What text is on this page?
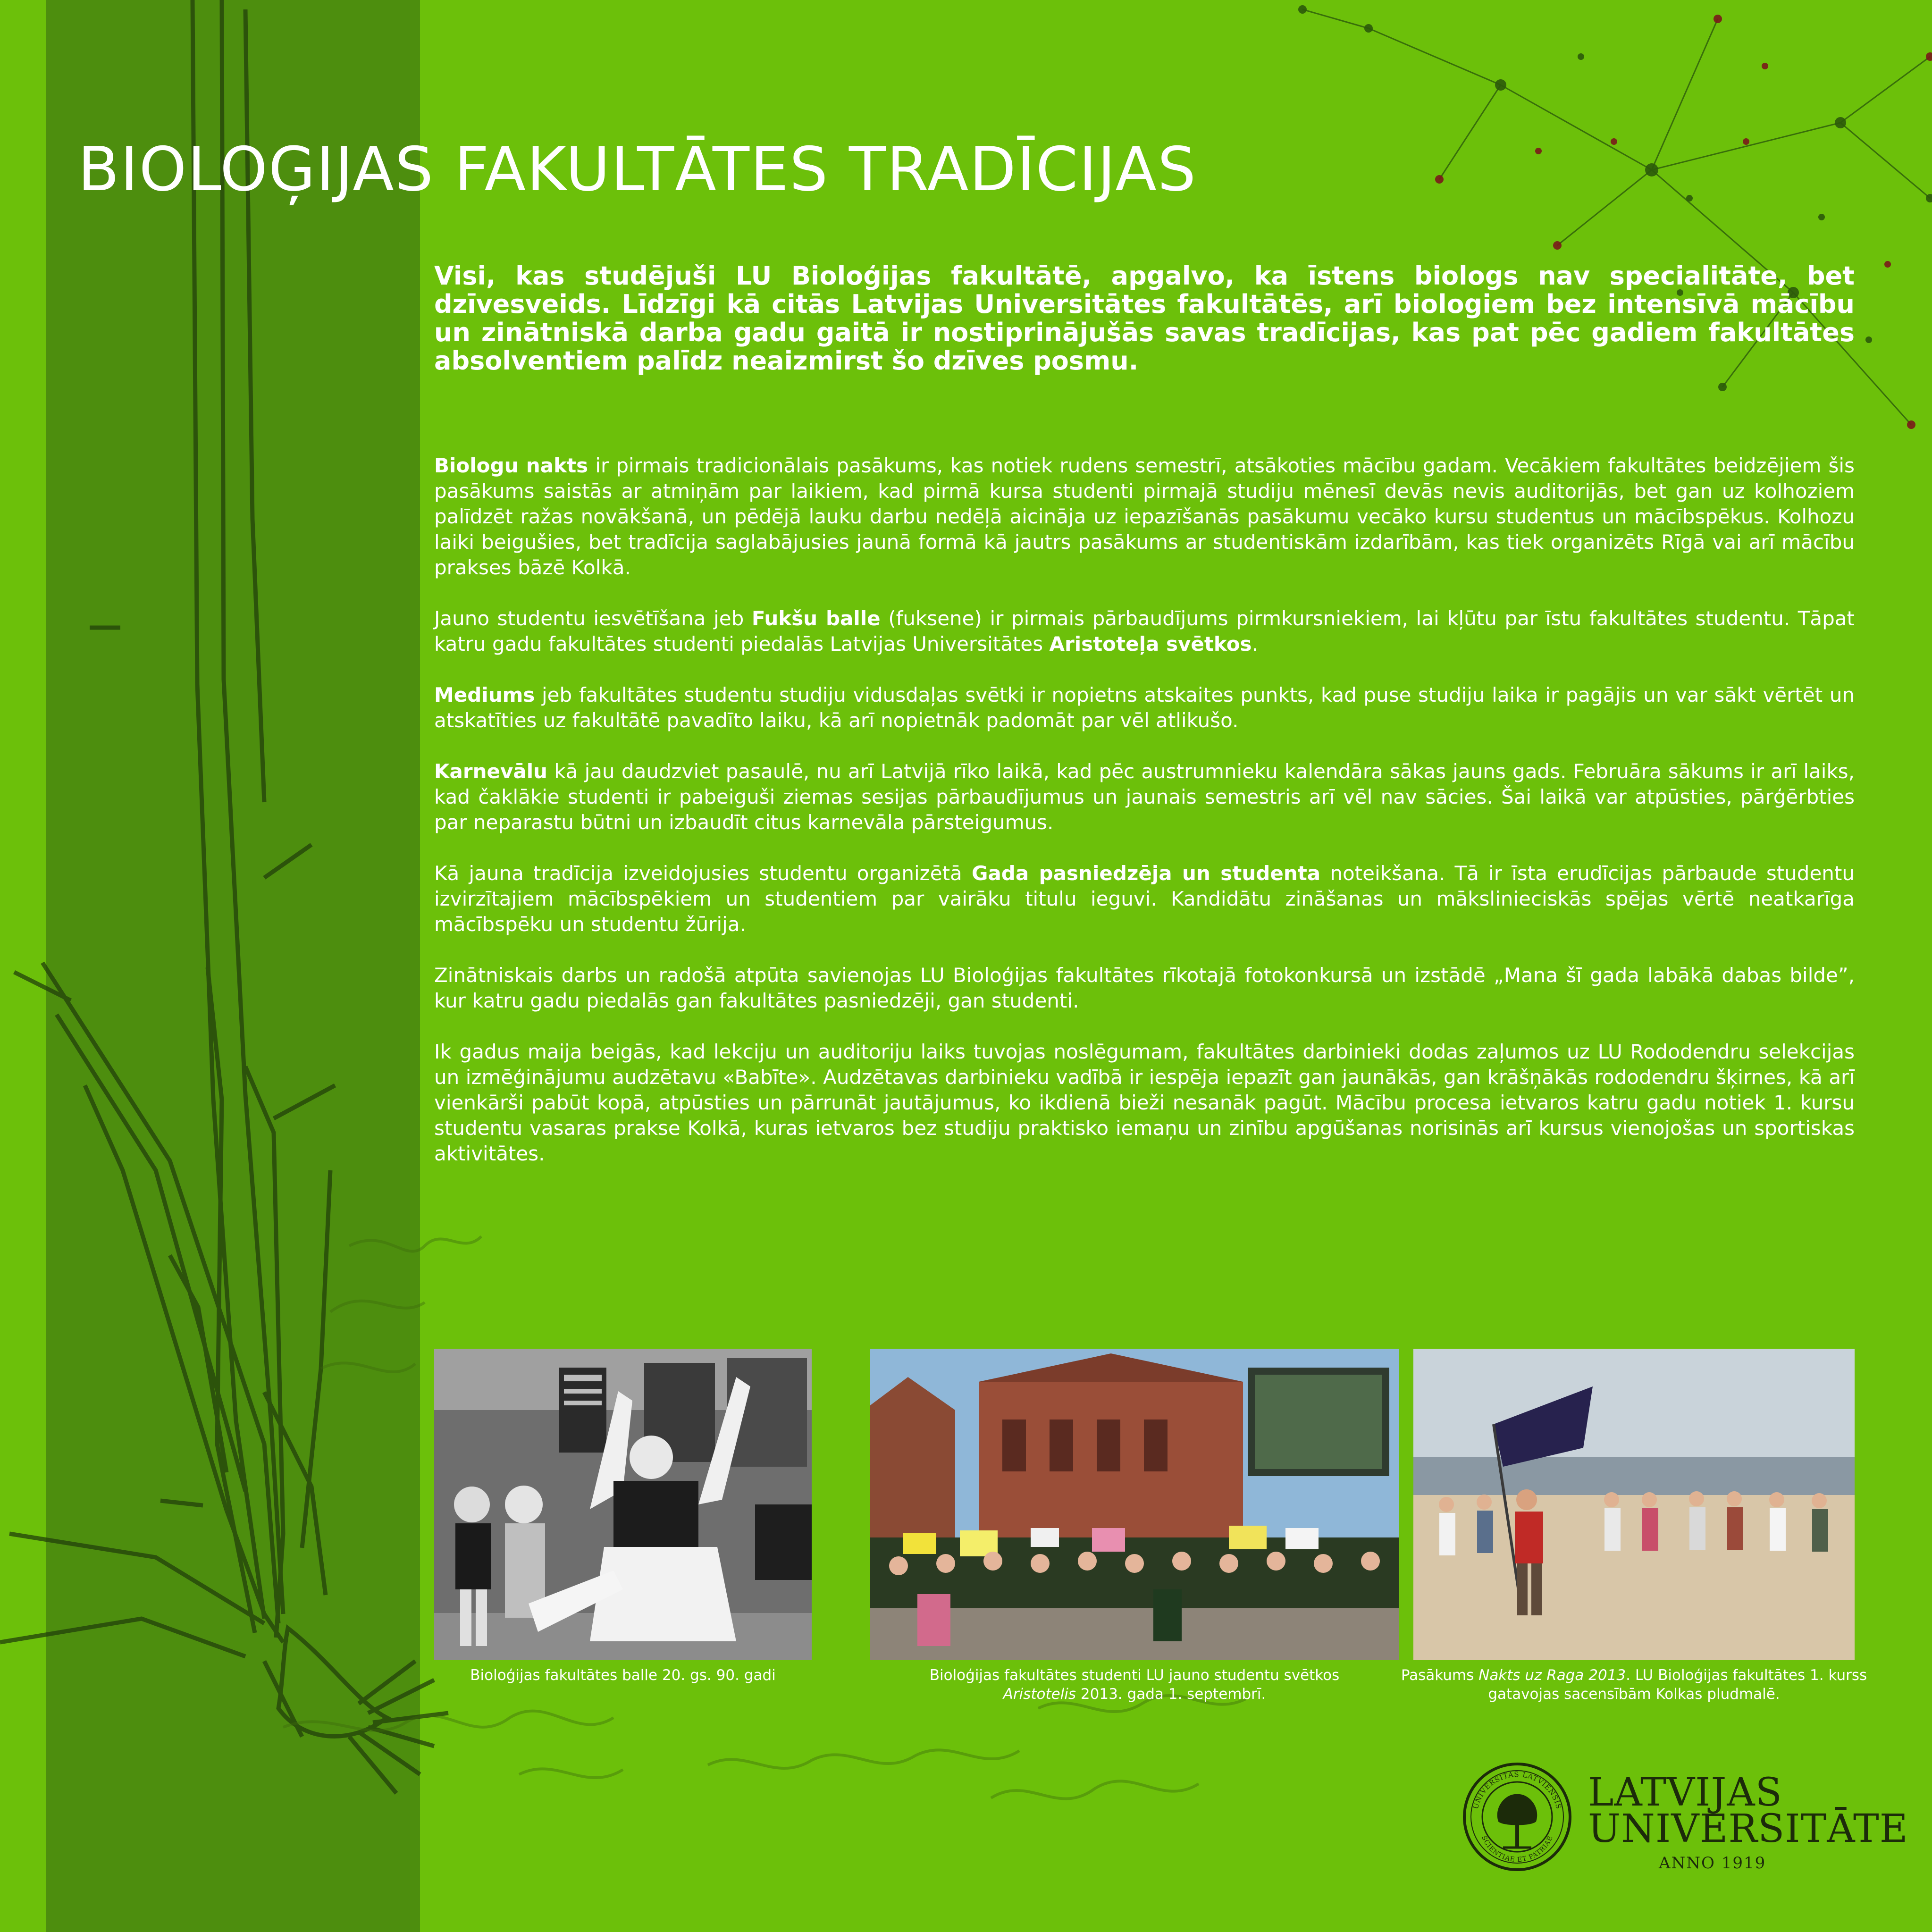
BIOLOĢIJAS FAKULTĀTES TRADĪCIJAS

Visi, kas studējuši LU Bioloģijas fakultātē, apgalvo, ka īstens biologs nav specialitāte, bet dzīvesveids. Līdzīgi kā citās Latvijas Universitātes fakultātēs, arī biologiem bez intensīvā mācību un zinātniskā darba gadu gaitā ir nostiprinājušās savas tradīcijas, kas pat pēc gadiem fakultātes absolventiem palīdz neaizmirst šo dzīves posmu.

Biologu nakts ir pirmais tradicionālais pasākums, kas notiek rudens semestrī, atsākoties mācību gadam. Vecākiem fakultātes beidzējiem šis pasākums saistās ar atmiņām par laikiem, kad pirmā kursa studenti pirmajā studiju mēnesī devās nevis auditorijās, bet gan uz kolhoziem palīdzēt ražas novākšanā, un pēdējā lauku darbu nedēļā aicināja uz iepazīšanās pasākumu vecāko kursu studentus un mācībspēkus. Kolhozu laiki beigušies, bet tradīcija saglabājusies jaunā formā kā jautrs pasākums ar studentiskām izdarībām, kas tiek organizēts Rīgā vai arī mācību prakses bāzē Kolkā.

Jauno studentu iesvētīšana jeb Fukšu balle (fuksene) ir pirmais pārbaudījums pirmkursniekiem, lai kļūtu par īstu fakultātes studentu. Tāpat katru gadu fakultātes studenti piedalās Latvijas Universitātes Aristoteļa svētkos.

Mediums jeb fakultātes studentu studiju vidusdaļas svētki ir nopietns atskaites punkts, kad puse studiju laika ir pagājis un var sākt vērtēt un atskatīties uz fakultātē pavadīto laiku, kā arī nopietnāk padomāt par vēl atlikušo.

Karnevālu kā jau daudzviet pasaulē, nu arī Latvijā rīko laikā, kad pēc austrumnieku kalendāra sākas jauns gads. Februāra sākums ir arī laiks, kad čaklākie studenti ir pabeiguši ziemas sesijas pārbaudījumus un jaunais semestris arī vēl nav sācies. Šai laikā var atpūsties, pārģērbties par neparastu būtni un izbaudīt citus karnevāla pārsteigumus.

Kā jauna tradīcija izveidojusies studentu organizētā Gada pasniedzēja un studenta noteikšana. Tā ir īsta erudīcijas pārbaude studentu izvirzītajiem mācībspēkiem un studentiem par vairāku titulu ieguvi. Kandidātu zināšanas un mākslinieciskās spējas vērtē neatkarīga mācībspēku un studentu žūrija.

Zinātniskais darbs un radošā atpūta savienojas LU Bioloģijas fakultātes rīkotajā fotokonkursā un izstādē „Mana šī gada labākā dabas bilde”, kur katru gadu piedalās gan fakultātes pasniedzēji, gan studenti.

Ik gadus maija beigās, kad lekciju un auditoriju laiks tuvojas noslēgumam, fakultātes darbinieki dodas zaļumos uz LU Rododendru selekcijas un izmēģinājumu audzētavu «Babīte». Audzētavas darbinieku vadībā ir iespēja iepazīt gan jaunākās, gan krāšņākās rododendru šķirnes, kā arī vienkārši pabūt kopā, atpūsties un pārrunāt jautājumus, ko ikdienā bieži nesanāk pagūt. Mācību procesa ietvaros katru gadu notiek 1. kursu studentu vasaras prakse Kolkā, kuras ietvaros bez studiju praktisko iemaņu un zinību apgūšanas norisinās arī kursus vienojošas un sportiskas aktivitātes.

Bioloģijas fakultātes balle 20. gs. 90. gadi	Bioloģijas fakultātes studenti LU jauno studentu svētkos
Aristotelis 2013. gada 1. septembrī.
Pasākums Nakts uz Raga 2013. LU Bioloģijas fakultātes 1. kurss gatavojas sacensībām Kolkas pludmalē.
UNIVERSITAS LATVIENSIS
SCIENTIAE ET PATRIAE
LATVIJAS
UNIVERSITĀTE
ANNO 1919
